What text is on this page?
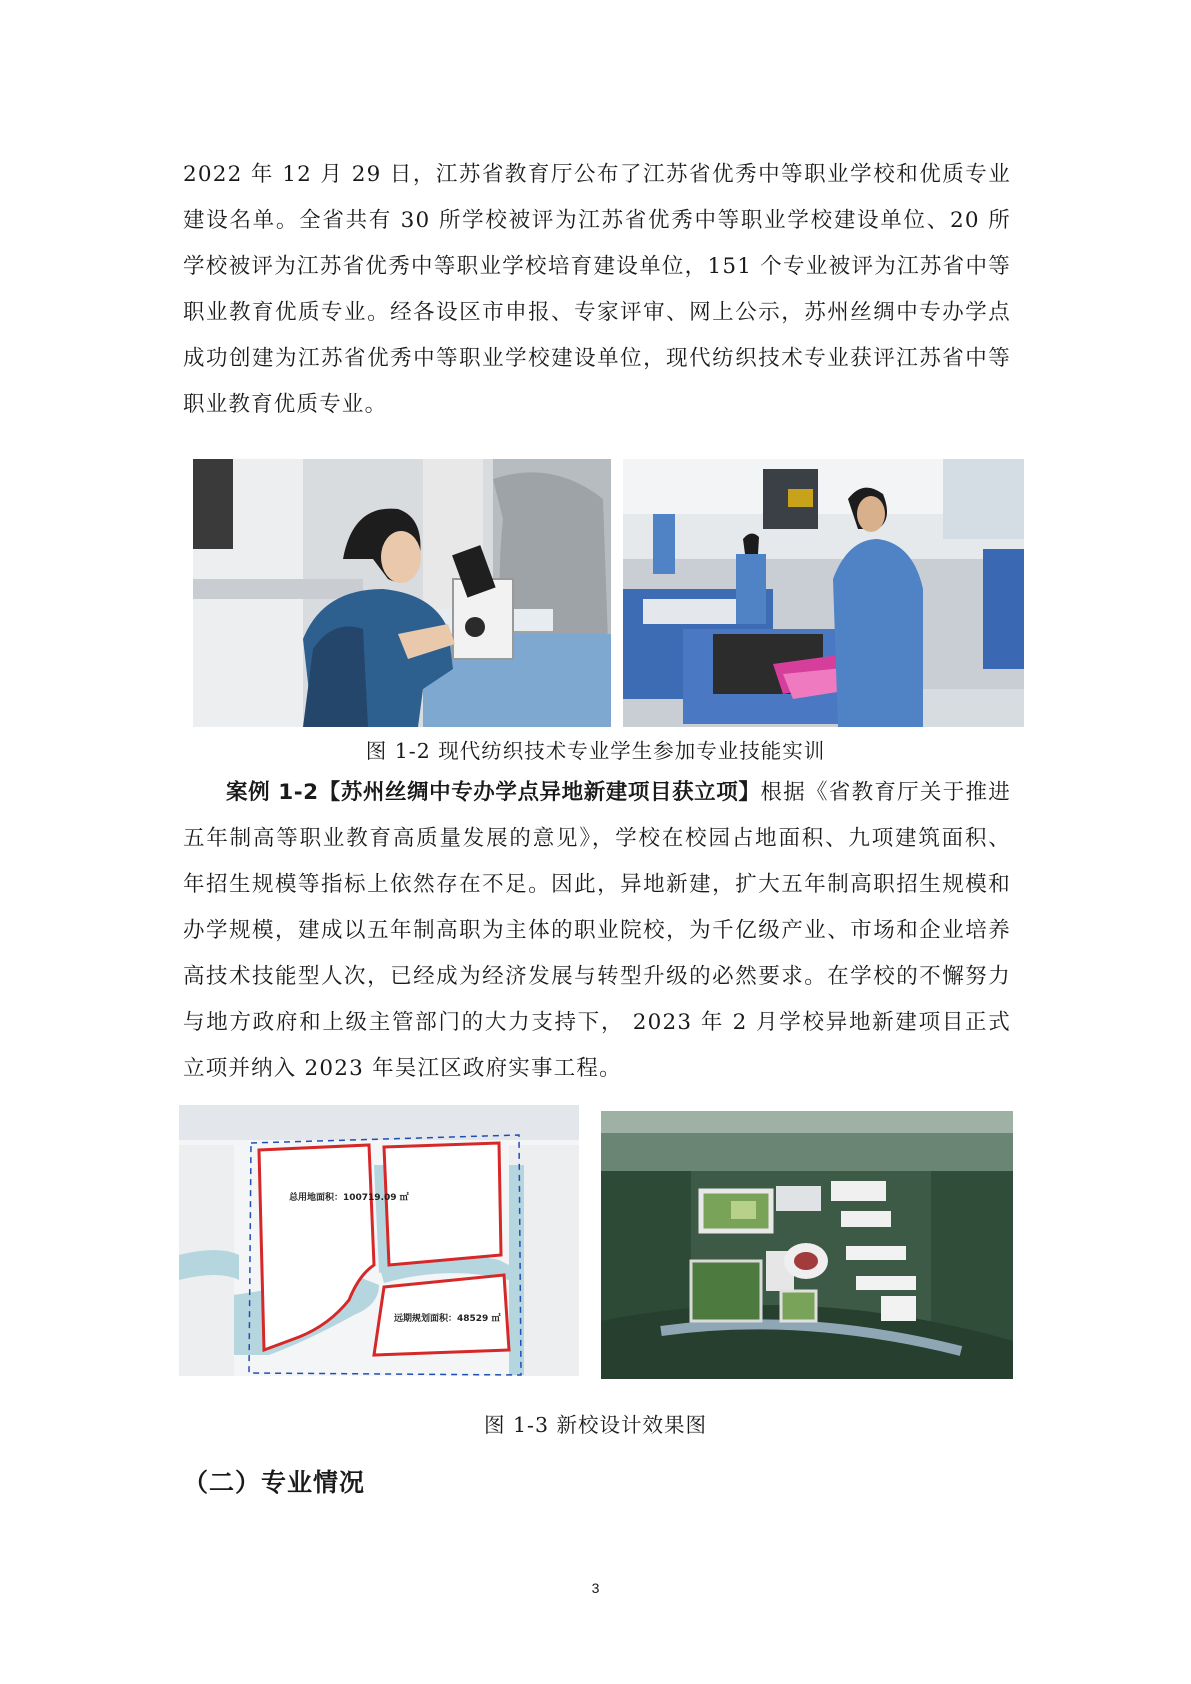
2022 年 12 月 29 日，江苏省教育厅公布了江苏省优秀中等职业学校和优质专业建设名单。全省共有 30 所学校被评为江苏省优秀中等职业学校建设单位、20 所学校被评为江苏省优秀中等职业学校培育建设单位，151 个专业被评为江苏省中等职业教育优质专业。经各设区市申报、专家评审、网上公示，苏州丝绸中专办学点成功创建为江苏省优秀中等职业学校建设单位，现代纺织技术专业获评江苏省中等职业教育优质专业。

图 1-2 现代纺织技术专业学生参加专业技能实训

案例 1-2【苏州丝绸中专办学点异地新建项目获立项】根据《省教育厅关于推进五年制高等职业教育高质量发展的意见》，学校在校园占地面积、九项建筑面积、年招生规模等指标上依然存在不足。因此，异地新建，扩大五年制高职招生规模和办学规模，建成以五年制高职为主体的职业院校，为千亿级产业、市场和企业培养高技术技能型人次，已经成为经济发展与转型升级的必然要求。在学校的不懈努力与地方政府和上级主管部门的大力支持下， 2023 年 2 月学校异地新建项目正式立项并纳入 2023 年吴江区政府实事工程。

总用地面积：100719.09 ㎡
远期规划面积：48529 ㎡

图 1-3 新校设计效果图

（二）专业情况

3
